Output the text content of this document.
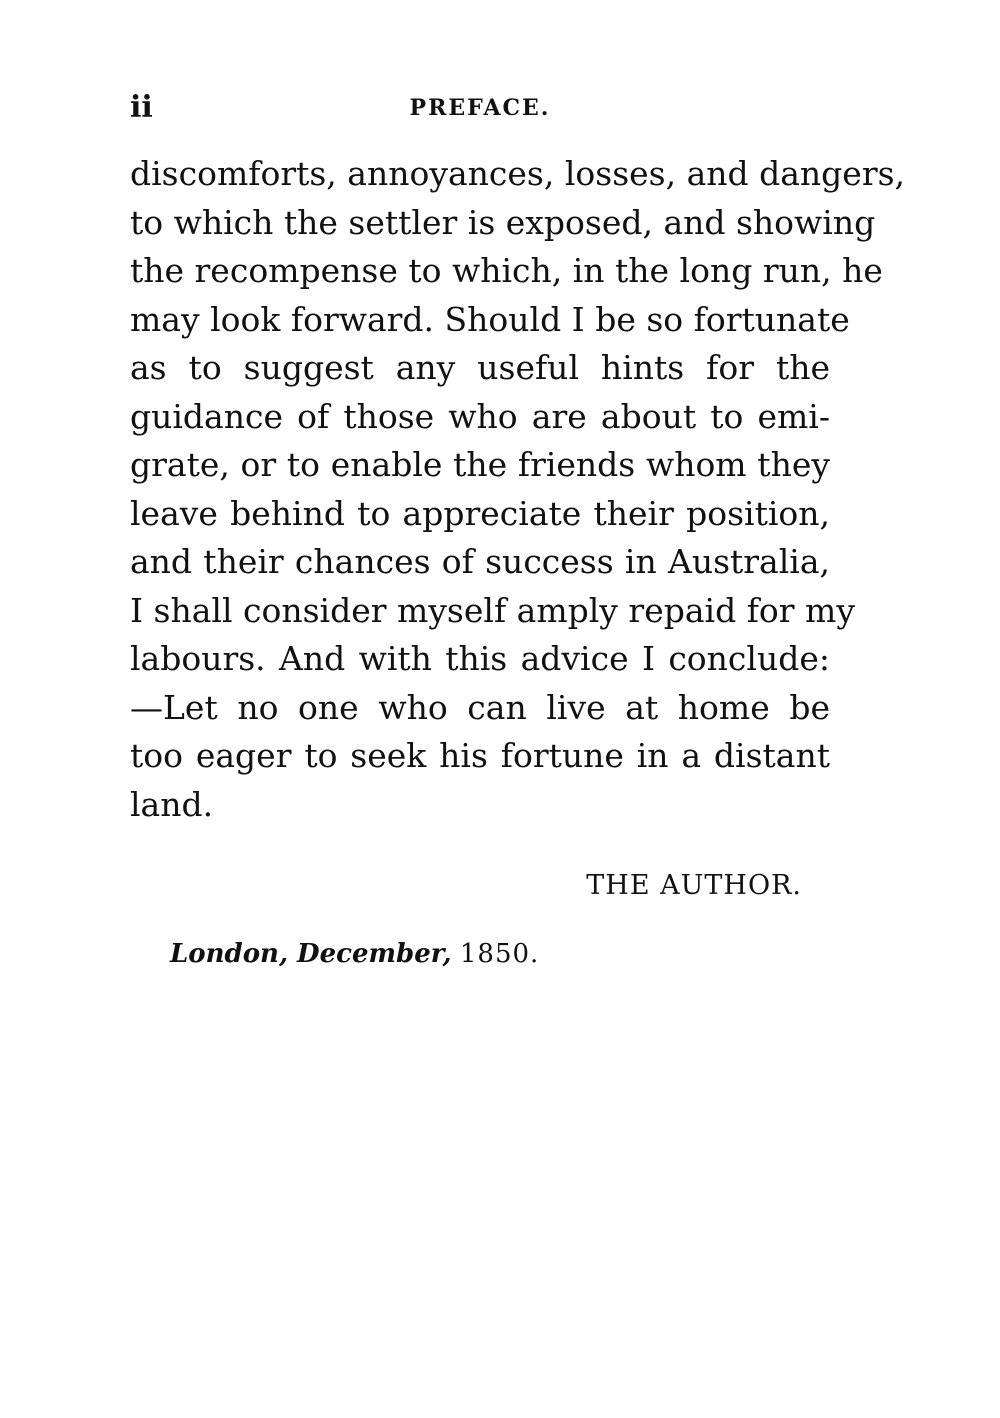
ii	PREFACE.
discomforts, annoyances, losses, and dangers,
to which the settler is exposed, and showing
the recompense to which, in the long run, he
may look forward. Should I be so fortunate
as to suggest any useful hints for the
guidance of those who are about to emi-
grate, or to enable the friends whom they
leave behind to appreciate their position,
and their chances of success in Australia,
I shall consider myself amply repaid for my
labours. And with this advice I conclude:
—Let no one who can live at home be
too eager to seek his fortune in a distant
land.
THE AUTHOR.
London, December, 1850.
